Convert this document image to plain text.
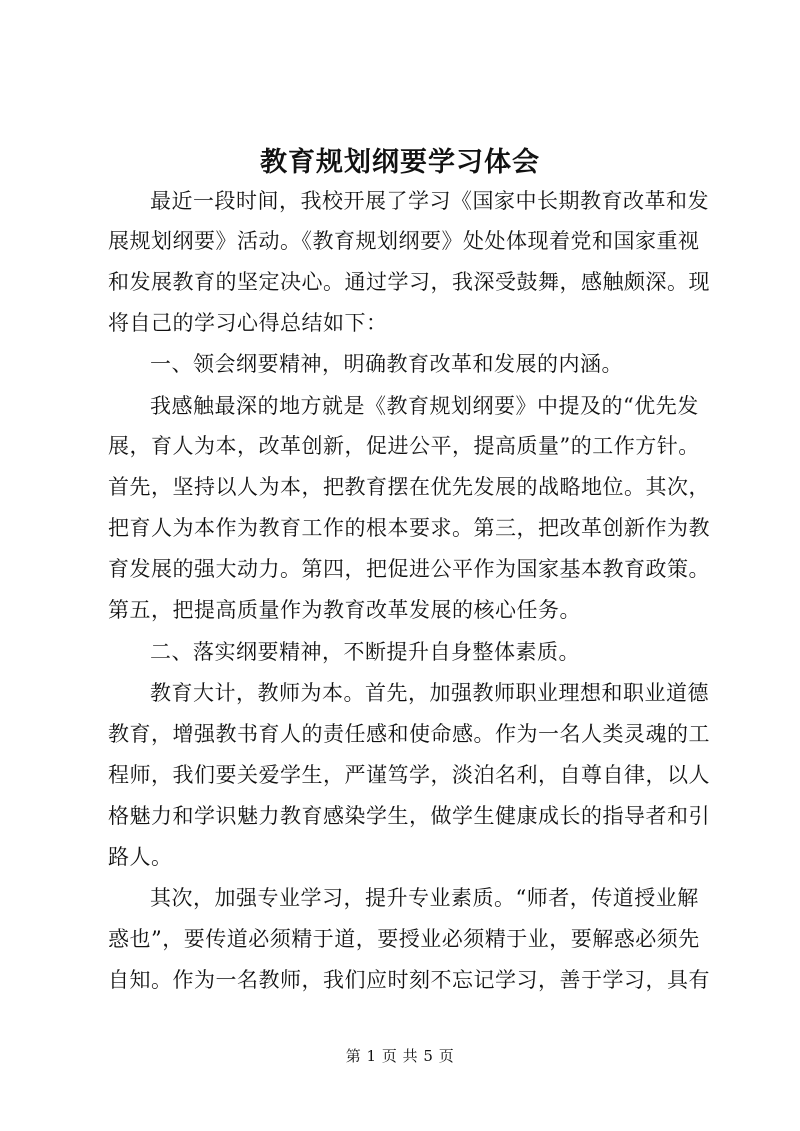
教育规划纲要学习体会
最近一段时间，我校开展了学习《国家中长期教育改革和发
展规划纲要》活动。《教育规划纲要》处处体现着党和国家重视
和发展教育的坚定决心。通过学习，我深受鼓舞，感触颇深。现
将自己的学习心得总结如下：
一、领会纲要精神，明确教育改革和发展的内涵。
我感触最深的地方就是《教育规划纲要》中提及的“优先发
展，育人为本，改革创新，促进公平，提高质量”的工作方针。
首先，坚持以人为本，把教育摆在优先发展的战略地位。其次，
把育人为本作为教育工作的根本要求。第三，把改革创新作为教
育发展的强大动力。第四，把促进公平作为国家基本教育政策。
第五，把提高质量作为教育改革发展的核心任务。
二、落实纲要精神，不断提升自身整体素质。
教育大计，教师为本。首先，加强教师职业理想和职业道德
教育，增强教书育人的责任感和使命感。作为一名人类灵魂的工
程师，我们要关爱学生，严谨笃学，淡泊名利，自尊自律，以人
格魅力和学识魅力教育感染学生，做学生健康成长的指导者和引
路人。
其次，加强专业学习，提升专业素质。“师者，传道授业解
惑也”，要传道必须精于道，要授业必须精于业，要解惑必须先
自知。作为一名教师，我们应时刻不忘记学习，善于学习，具有
第 1 页 共 5 页
